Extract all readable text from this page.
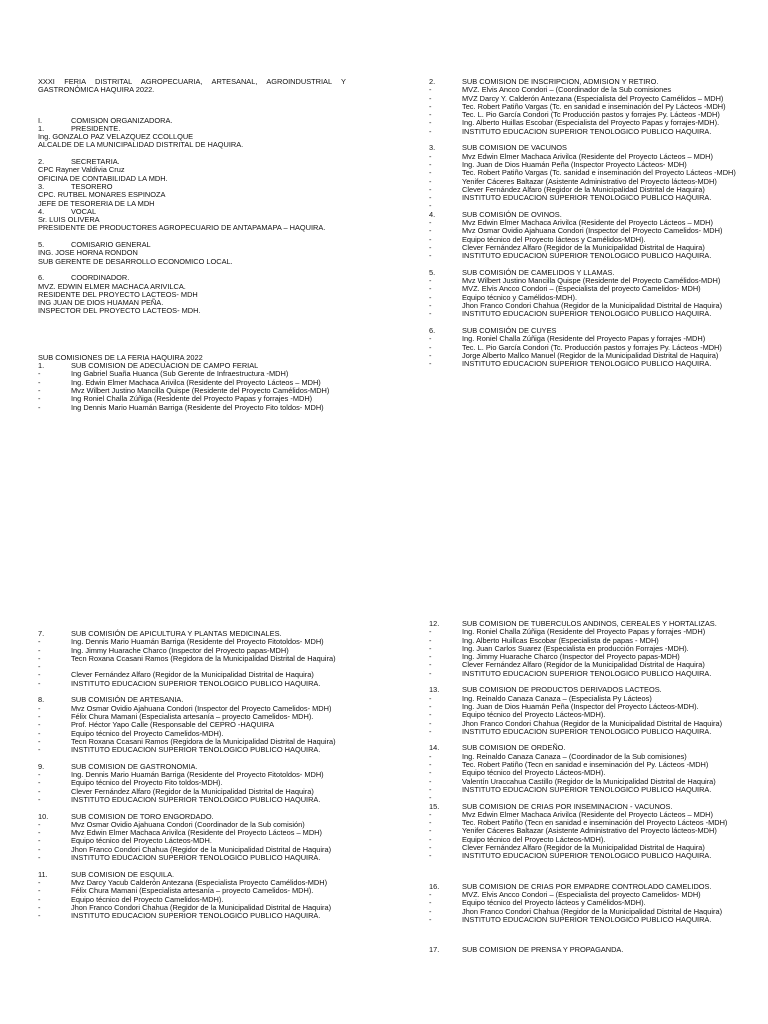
XXXI FERIA DISTRITAL AGROPECUARIA, ARTESANAL, AGROINDUSTRIAL Y
GASTRONÓMICA HAQUIRA 2022.
I.	COMISION ORGANIZADORA.
1.	PRESIDENTE.
Ing. GONZALO PAZ VELAZQUEZ CCOLLQUE
ALCALDE DE LA MUNICIPALIDAD DISTRITAL DE HAQUIRA.
2.	SECRETARIA.
CPC Rayner Valdivia Cruz
OFICINA DE CONTABILIDAD LA MDH.
3.	TESORERO
CPC. RUTBEL MONARES ESPINOZA
JEFE DE TESORERIA DE LA MDH
4.	VOCAL
Sr. LUIS OLIVERA
PRESIDENTE DE PRODUCTORES AGROPECUARIO DE ANTAPAMAPA – HAQUIRA.
5.	COMISARIO GENERAL
ING. JOSE HORNA RONDON
SUB GERENTE DE DESARROLLO ECONOMICO LOCAL.
6.	COORDINADOR.
MVZ. EDWIN ELMER MACHACA ARIVILCA.
RESIDENTE DEL PROYECTO LACTEOS- MDH
ING JUAN DE DIOS HUAMAN PEÑA.
INSPECTOR DEL PROYECTO LACTEOS- MDH.
SUB COMISIONES DE LA FERIA HAQUIRA 2022
1.	SUB COMISION DE ADECUACION DE CAMPO FERIAL
-	Ing Gabriel Suaña Huanca (Sub Gerente de Infraestructura -MDH)
-	Ing. Edwin Elmer Machaca Arivilca (Residente del Proyecto Lácteos – MDH)
-	Mvz Wilbert Justino Mancilla Quispe (Residente del Proyecto Camélidos-MDH)
-	Ing Roniel Challa Zúñiga (Residente del Proyecto Papas y forrajes -MDH)
-	Ing Dennis Mario Huamán Barriga (Residente del Proyecto Fito toldos- MDH)
2.	SUB COMISION DE INSCRIPCION, ADMISION Y RETIRO.
-	MVZ. Elvis Ancco Condori – (Coordinador de la Sub comisiones
-	MVZ Darcy Y. Calderón Antezana (Especialista del Proyecto Camélidos – MDH)
-	Tec. Robert Patiño Vargas (Tc. en sanidad e inseminación del Py Lácteos -MDH)
-	Tec. L. Pio García Condori (Tc Producción pastos y forrajes Py. Lácteos -MDH)
-	Ing. Alberto Huillas Escobar (Especialista del Proyecto Papas y forrajes-MDH).
-	INSTITUTO EDUCACION SUPERIOR TENOLOGICO PUBLICO HAQUIRA.
3.	SUB COMISION DE VACUNOS
-	Mvz Edwin Elmer Machaca Arivilca (Residente del Proyecto Lácteos – MDH)
-	Ing. Juan de Dios Huamán Peña (Inspector Proyecto Lácteos- MDH)
-	Tec. Robert Patiño Vargas (Tc. sanidad e inseminación del Proyecto Lácteos -MDH)
-	Yenifer Cáceres Baltazar (Asistente Administrativo del Proyecto lácteos-MDH)
-	Clever Fernández Alfaro (Regidor de la Municipalidad Distrital de Haquira)
-	INSTITUTO EDUCACION SUPERIOR TENOLOGICO PUBLICO HAQUIRA.
-
4.	SUB COMISIÓN DE OVINOS.
-	Mvz Edwin Elmer Machaca Arivilca (Residente del Proyecto Lácteos – MDH)
-	Mvz Osmar Ovidio Ajahuana Condori (Inspector del Proyecto Camelidos- MDH)
-	Equipo técnico del Proyecto lácteos y Camélidos-MDH).
-	Clever Fernández Alfaro (Regidor de la Municipalidad Distrital de Haquira)
-	INSTITUTO EDUCACION SUPERIOR TENOLOGICO PUBLICO HAQUIRA.
5.	SUB COMISIÓN DE CAMELIDOS Y LLAMAS.
-	Mvz Wilbert Justino Mancilla Quispe (Residente del Proyecto Camélidos-MDH)
-	MVZ. Elvis Ancco Condori – (Especialista del proyecto Camelidos- MDH)
-	Equipo técnico y Camélidos-MDH).
-	Jhon Franco Condori Chahua (Regidor de la Municipalidad Distrital de Haquira)
-	INSTITUTO EDUCACION SUPERIOR TENOLOGICO PUBLICO HAQUIRA.
6.	SUB COMISIÓN DE CUYES
-	Ing. Roniel Challa Zúñiga (Residente del Proyecto Papas y forrajes -MDH)
-	Tec. L. Pio García Condori (Tc. Producción pastos y forrajes Py. Lácteos -MDH)
-	Jorge Alberto Mallco Manuel (Regidor de la Municipalidad Distrital de Haquira)
-	INSTITUTO EDUCACION SUPERIOR TENOLOGICO PUBLICO HAQUIRA.
7.	SUB COMISIÓN DE APICULTURA Y PLANTAS MEDICINALES.
-	Ing. Dennis Mario Huamán Barriga (Residente del Proyecto Fitotoldos- MDH)
-	Ing. Jimmy Huarache Charco (Inspector del Proyecto papas-MDH)
-	Tecn Roxana Ccasani Ramos (Regidora de la Municipalidad Distrital de Haquira)
-
-	Clever Fernández Alfaro (Regidor de la Municipalidad Distrital de Haquira)
-	INSTITUTO EDUCACION SUPERIOR TENOLOGICO PUBLICO HAQUIRA.
8.	SUB COMISIÓN DE ARTESANIA.
-	Mvz Osmar Ovidio Ajahuana Condori (Inspector del Proyecto Camelidos- MDH)
-	Félix Chura Mamani (Especialista artesanía – proyecto Camelidos- MDH).
-	Prof. Héctor Yapo Calle (Responsable del CEPRO -HAQUIRA
-	Equipo técnico del Proyecto Camelidos-MDH).
-	Tecn Roxana Ccasani Ramos (Regidora de la Municipalidad Distrital de Haquira)
-	INSTITUTO EDUCACION SUPERIOR TENOLOGICO PUBLICO HAQUIRA.
9.	SUB COMISION DE GASTRONOMIA.
-	Ing. Dennis Mario Huamán Barriga (Residente del Proyecto Fitotoldos- MDH)
-	Equipo técnico del Proyecto Fito toldos-MDH).
-	Clever Fernández Alfaro (Regidor de la Municipalidad Distrital de Haquira)
-	INSTITUTO EDUCACION SUPERIOR TENOLOGICO PUBLICO HAQUIRA.
10.	SUB COMISION DE TORO ENGORDADO.
-	Mvz Osmar Ovidio Ajahuana Condori (Coordinador de la Sub comisión)
-	Mvz Edwin Elmer Machaca Arivilca (Residente del Proyecto Lácteos – MDH)
-	Equipo técnico del Proyecto Lácteos-MDH.
-	Jhon Franco Condori Chahua (Regidor de la Municipalidad Distrital de Haquira)
-	INSTITUTO EDUCACION SUPERIOR TENOLOGICO PUBLICO HAQUIRA.
11.	SUB COMISION DE ESQUILA.
-	Mvz Darcy Yacub Calderón Antezana (Especialista Proyecto Camélidos-MDH)
-	Félix Chura Mamani (Especialista artesanía – proyecto Camelidos- MDH).
-	Equipo técnico del Proyecto Camelidos-MDH).
-	Jhon Franco Condori Chahua (Regidor de la Municipalidad Distrital de Haquira)
-	INSTITUTO EDUCACION SUPERIOR TENOLOGICO PUBLICO HAQUIRA.
12.	SUB COMISION DE TUBERCULOS ANDINOS, CEREALES Y HORTALIZAS.
-	Ing. Roniel Challa Zúñiga (Residente del Proyecto Papas y forrajes -MDH)
-	Ing. Alberto Huillcas Escobar (Especialista de papas - MDH)
-	Ing. Juan Carlos Suarez (Especialista en producción Forrajes -MDH).
-	Ing. Jimmy Huarache Charco (Inspector del Proyecto papas-MDH)
-	Clever Fernández Alfaro (Regidor de la Municipalidad Distrital de Haquira)
-	INSTITUTO EDUCACION SUPERIOR TENOLOGICO PUBLICO HAQUIRA.
13.	SUB COMISION DE PRODUCTOS DERIVADOS LACTEOS.
-	Ing. Reinaldo Canaza Canaza – (Especialista Py Lácteos)
-	Ing. Juan de Dios Huamán Peña (Inspector del Proyecto Lácteos-MDH).
-	Equipo técnico del Proyecto Lácteos-MDH).
-	Jhon Franco Condori Chahua (Regidor de la Municipalidad Distrital de Haquira)
-	INSTITUTO EDUCACION SUPERIOR TENOLOGICO PUBLICO HAQUIRA.
14.	SUB COMISION DE ORDEÑO.
-	Ing. Reinaldo Canaza Canaza – (Coordinador de la Sub comisiones)
-	Tec. Robert Patiño (Tecn en sanidad e inseminación del Py. Lácteos -MDH)
-	Equipo técnico del Proyecto Lácteos-MDH).
-	Valentín Uraccahua Castillo (Regidor de la Municipalidad Distrital de Haquira)
-	INSTITUTO EDUCACION SUPERIOR TENOLOGICO PUBLICO HAQUIRA.
-
15.	SUB COMISION DE CRIAS POR INSEMINACION - VACUNOS.
-	Mvz Edwin Elmer Machaca Arivilca (Residente del Proyecto Lácteos – MDH)
-	Tec. Robert Patiño (Tecn en sanidad e inseminación del Proyecto Lácteos -MDH)
-	Yenifer Cáceres Baltazar (Asistente Administrativo del Proyecto lácteos-MDH)
-	Equipo técnico del Proyecto Lácteos-MDH).
-	Clever Fernández Alfaro (Regidor de la Municipalidad Distrital de Haquira)
-	INSTITUTO EDUCACION SUPERIOR TENOLOGICO PUBLICO HAQUIRA.
16.	SUB COMISION DE CRIAS POR EMPADRE CONTROLADO CAMELIDOS.
-	MVZ. Elvis Ancco Condori – (Especialista del proyecto Camelidos- MDH)
-	Equipo técnico del Proyecto lácteos y Camélidos-MDH).
-	Jhon Franco Condori Chahua (Regidor de la Municipalidad Distrital de Haquira)
-	INSTITUTO EDUCACION SUPERIOR TENOLOGICO PUBLICO HAQUIRA.
17.	SUB COMISION DE PRENSA Y PROPAGANDA.
